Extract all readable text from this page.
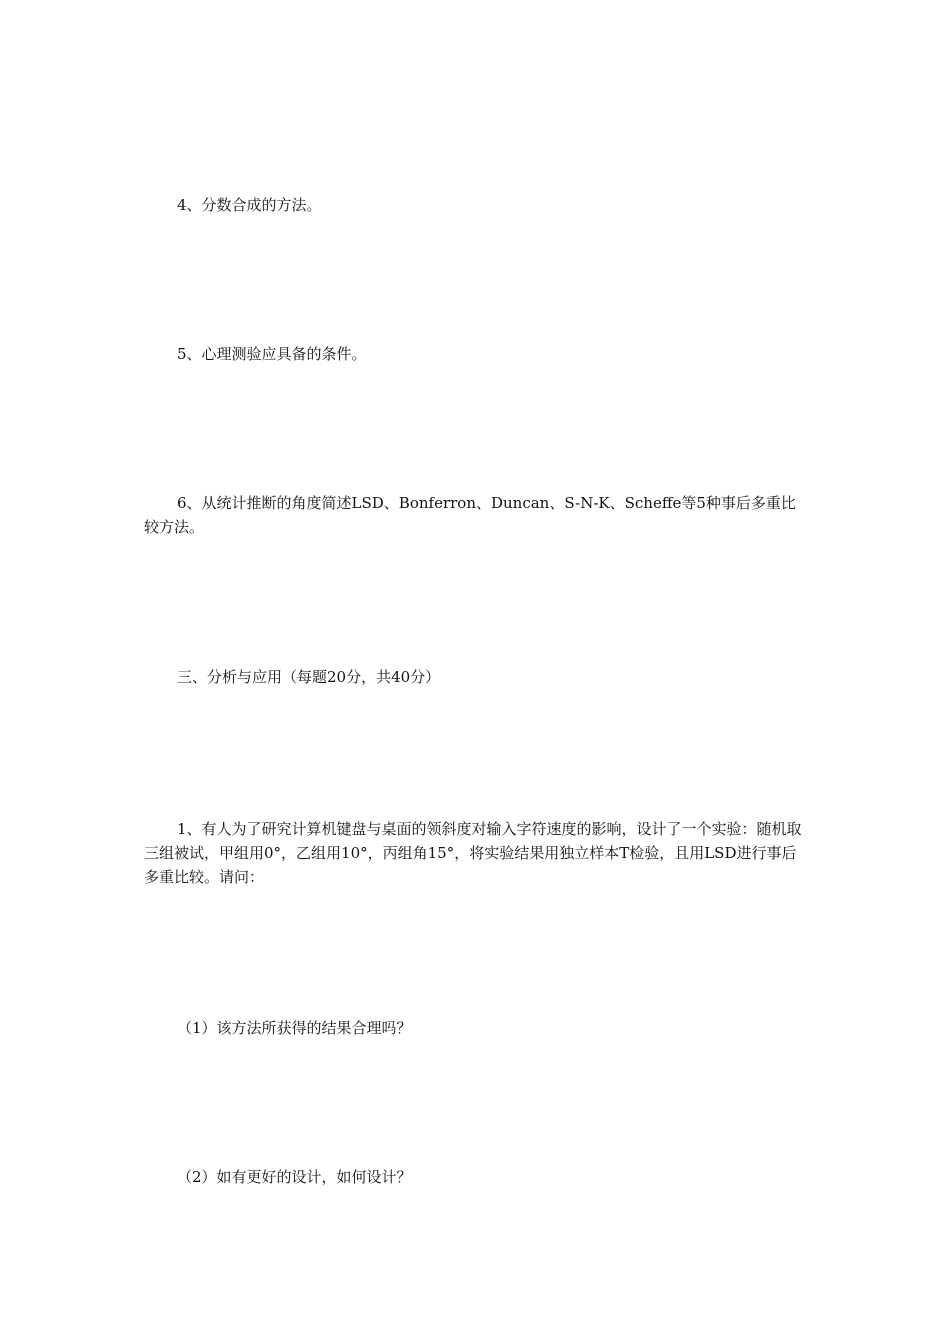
4、分数合成的方法。

5、心理测验应具备的条件。

6、从统计推断的角度简述LSD、Bonferron、Duncan、S-N-K、Scheffe等5种事后多重比较方法。

三、分析与应用（每题20分，共40分）

1、有人为了研究计算机键盘与桌面的领斜度对输入字符速度的影响，设计了一个实验：随机取三组被试，甲组用0°，乙组用10°，丙组角15°，将实验结果用独立样本T检验，且用LSD进行事后多重比较。请问：

（1）该方法所获得的结果合理吗？

（2）如有更好的设计，如何设计？
